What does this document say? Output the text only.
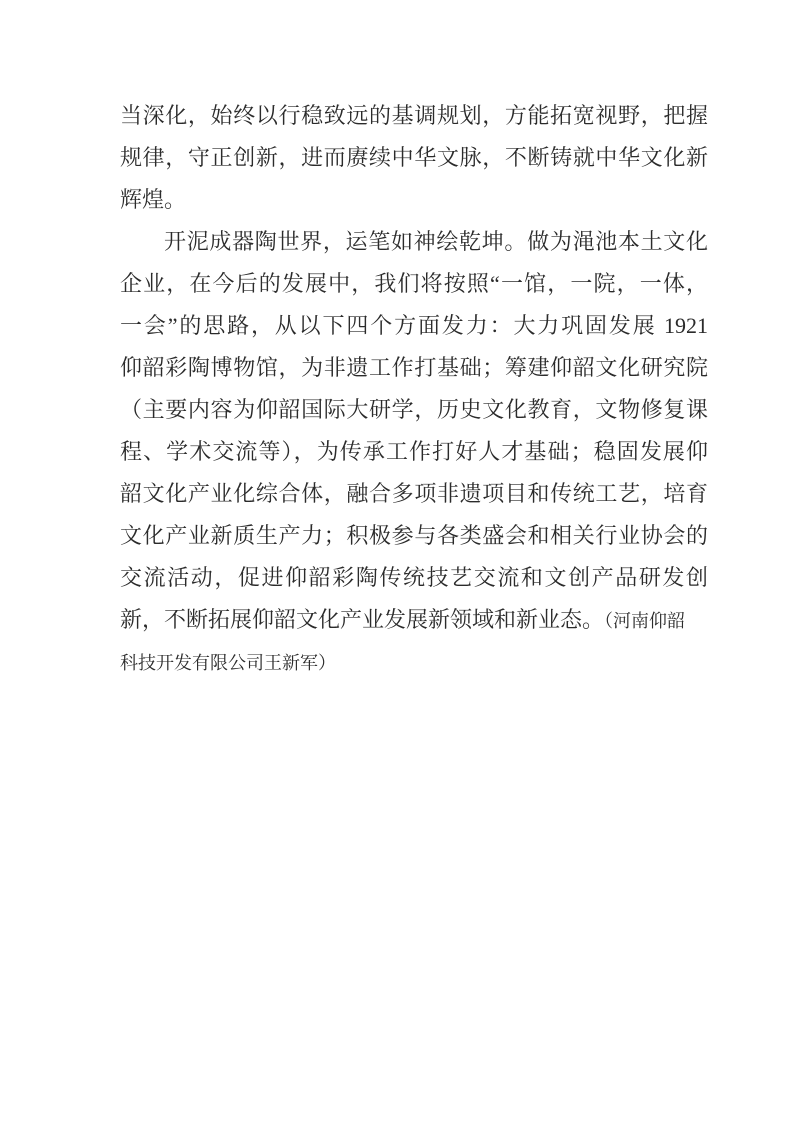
当深化，始终以行稳致远的基调规划，方能拓宽视野，把握

规律，守正创新，进而赓续中华文脉，不断铸就中华文化新

辉煌。

开泥成器陶世界，运笔如神绘乾坤。做为渑池本土文化

企业，在今后的发展中，我们将按照“一馆，一院，一体，

一会”的思路，从以下四个方面发力：大力巩固发展 1921

仰韶彩陶博物馆，为非遗工作打基础；筹建仰韶文化研究院

（主要内容为仰韶国际大研学，历史文化教育，文物修复课

程、学术交流等），为传承工作打好人才基础；稳固发展仰

韶文化产业化综合体，融合多项非遗项目和传统工艺，培育

文化产业新质生产力；积极参与各类盛会和相关行业协会的

交流活动，促进仰韶彩陶传统技艺交流和文创产品研发创

新，不断拓展仰韶文化产业发展新领域和新业态。（河南仰韶

科技开发有限公司王新军）
